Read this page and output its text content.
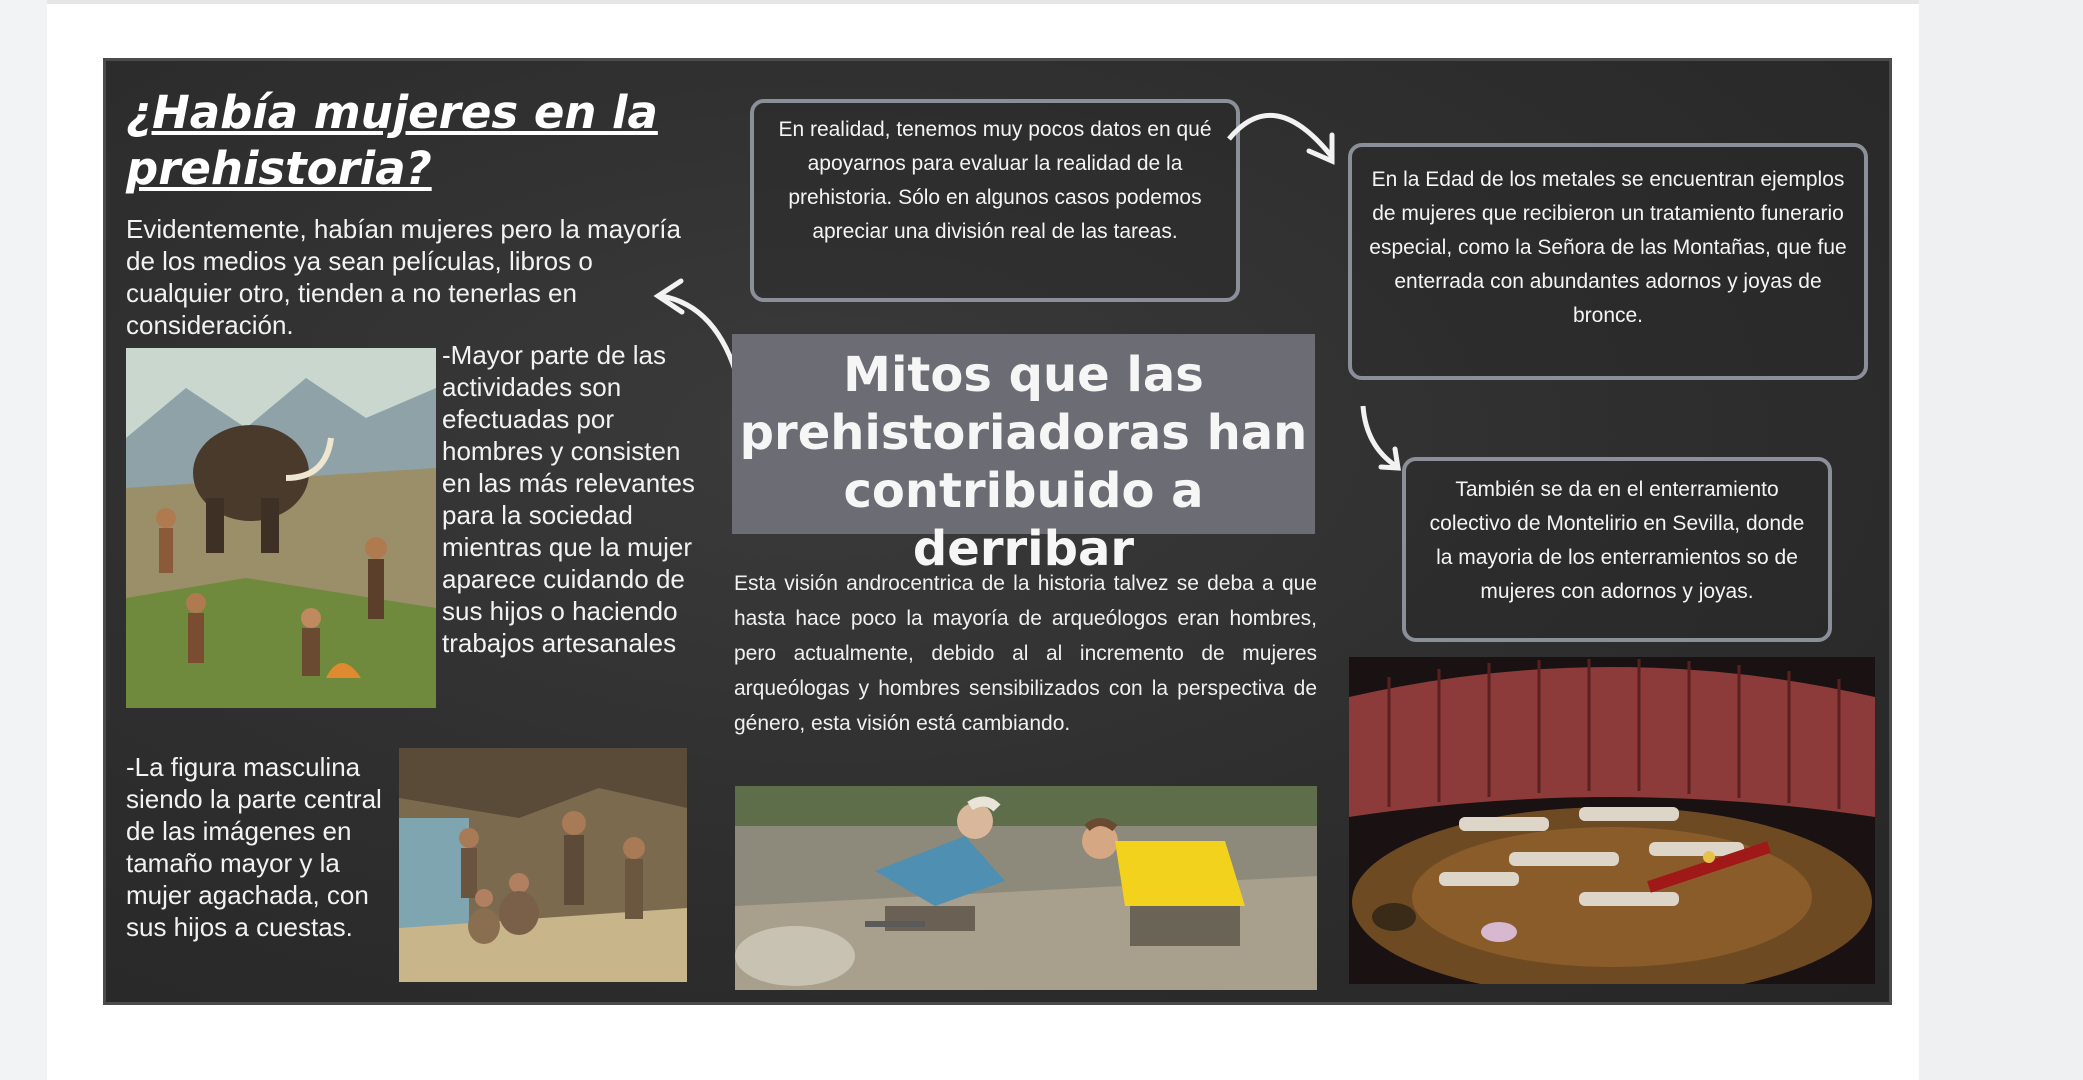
¿Había mujeres en la prehistoria?
Evidentemente, habían mujeres pero la mayoría de los medios ya sean películas, libros o cualquier otro, tienden a no tenerlas en consideración.
-Mayor parte de las actividades son efectuadas por hombres y consisten en las más relevantes para la sociedad mientras que la mujer aparece cuidando de sus hijos o haciendo trabajos artesanales
-La figura masculina siendo la parte central de las imágenes en tamaño mayor y la mujer agachada, con sus hijos a cuestas.
En realidad, tenemos muy pocos datos en qué apoyarnos para evaluar la realidad de la prehistoria. Sólo en algunos casos podemos apreciar una división real de las tareas.
En la Edad de los metales se encuentran ejemplos de mujeres que recibieron un tratamiento funerario especial, como la Señora de las Montañas, que fue enterrada con abundantes adornos y joyas de bronce.
También se da en el enterramiento colectivo de Montelirio en Sevilla, donde la mayoria de los enterramientos so de mujeres con adornos y joyas.
Mitos que las prehistoriadoras han contribuido a derribar
Esta visión androcentrica de la historia talvez se deba a que hasta hace poco la mayoría de arqueólogos eran hombres, pero actualmente, debido al al incremento de mujeres arqueólogas y hombres sensibilizados con la perspectiva de género, esta visión está cambiando.
